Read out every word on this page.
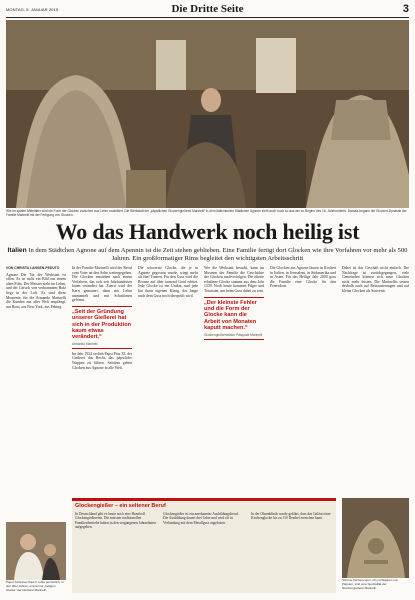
MONTAG, 5. JANUAR 2015	Die Dritte Seite	3
Wie im späten Mittelalter wird die Form der Glocken zwischen aus Lehm modelliert. Die Werkstatt der „päpstlichen Glockengießerei Marinelli“ in dem italienischen Städtchen Agnone zieht auch noch so aus wie zu Beginn des 16. Jahrhunderts. Damals begann die Glocken-Dynastie der Familie Marinelli mit der Fertigung von Glocken.
Wo das Handwerk noch heilig ist
Italien In dem Städtchen Agnone auf dem Apennin ist die Zeit stehen geblieben. Eine Familie fertigt dort Glocken wie ihre Vorfahren vor mehr als 500 Jahren. Ein großformatiger Rims begleitet den wichtigsten Arbeitsschritt
VON CHRISTA LANGEN-PEDUTO

Agnone Die Tür der Werkstatt ist offen. Es ist nicht ein Bild aus einem alten Film. Der Meister steht im Lehm, und der Geruch von verbranntem Holz liegt in der Luft. Es sind diese Momente, für die Armando Marinelli die Kunden aus aller Welt empfängt, aus Rom, aus New York, aus Peking.

In der Familie Marinelli wird der Beruf vom Vater an den Sohn weitergegeben. Die Glocken entstehen nach einem Verfahren, das sich seit Jahrhunderten kaum verändert hat. Zuerst wird der Kern gemauert, dann mit Lehm ummantelt und mit Schablonen geformt.

„Seit der Gründung unserer Gießerei hat sich in der Produktion kaum etwas verändert.“
Armando Marinelli

Im Jahr 1924 verlieh Papst Pius XI. der Gießerei das Recht, das päpstliche Wappen zu führen. Seitdem gehen Glocken aus Agnone in alle Welt.

Die schwerste Glocke, die je in Agnone gegossen wurde, wiegt mehr als fünf Tonnen. Für den Guss wird die Bronze auf über tausend Grad erhitzt. Jede Glocke ist ein Unikat, und jede hat ihren eigenen Klang, der lange nach dem Guss noch überprüft wird.

Wer die Werkstatt besucht, kann im Museum der Familie die Geschichte der Glocken nachverfolgen. Die älteste erhaltene Glocke stammt aus dem Jahr 1339. Noch heute kommen Pilger und Touristen, um beim Guss dabei zu sein.

„Der kleinste Fehler und die Form der Glocke kann die Arbeit von Monaten kaputt machen.“
Glockengießermeister Pasquale Marinelli

Die Glocken aus Agnone läuten in Kirchen in Italien, in Jerusalem, in Südamerika und in Asien. Für das Heilige Jahr 2000 goss die Familie eine Glocke für den Petersdom.

Dabei ist das Geschäft nicht einfach. Die Nachfrage ist zurückgegangen, viele Gemeinden können sich neue Glocken nicht mehr leisten. Die Marinellis setzen deshalb auch auf Restaurierungen und auf kleine Glocken als Souvenir.

Papst Johannes Paul II. lobte persönlich, in den 90er Jahren, einmal zur „heiligen Glocke“ der Gießerei Marinelli.
Glockengießer – ein seltener Beruf

In Deutschland gibt es heute noch eine Handvoll Glockengießereien. Die meisten traditionellen Familienbetriebe haben in den vergangenen Jahrzehnten aufgegeben.

Glockengießer ist ein anerkannter Ausbildungsberuf. Die Ausbildung dauert drei Jahre und wird oft in Verbindung mit dem Metallguss angeboten.

In der Ohrenklinik wurde geklärt, dass das Geläut einer Kirchenglocke bis zu 110 Dezibel erreichen kann.

Schöne Verzierungen, oft mit Wappen von Päpsten, sind eine Spezialität der Glockengießerei Marinelli.
